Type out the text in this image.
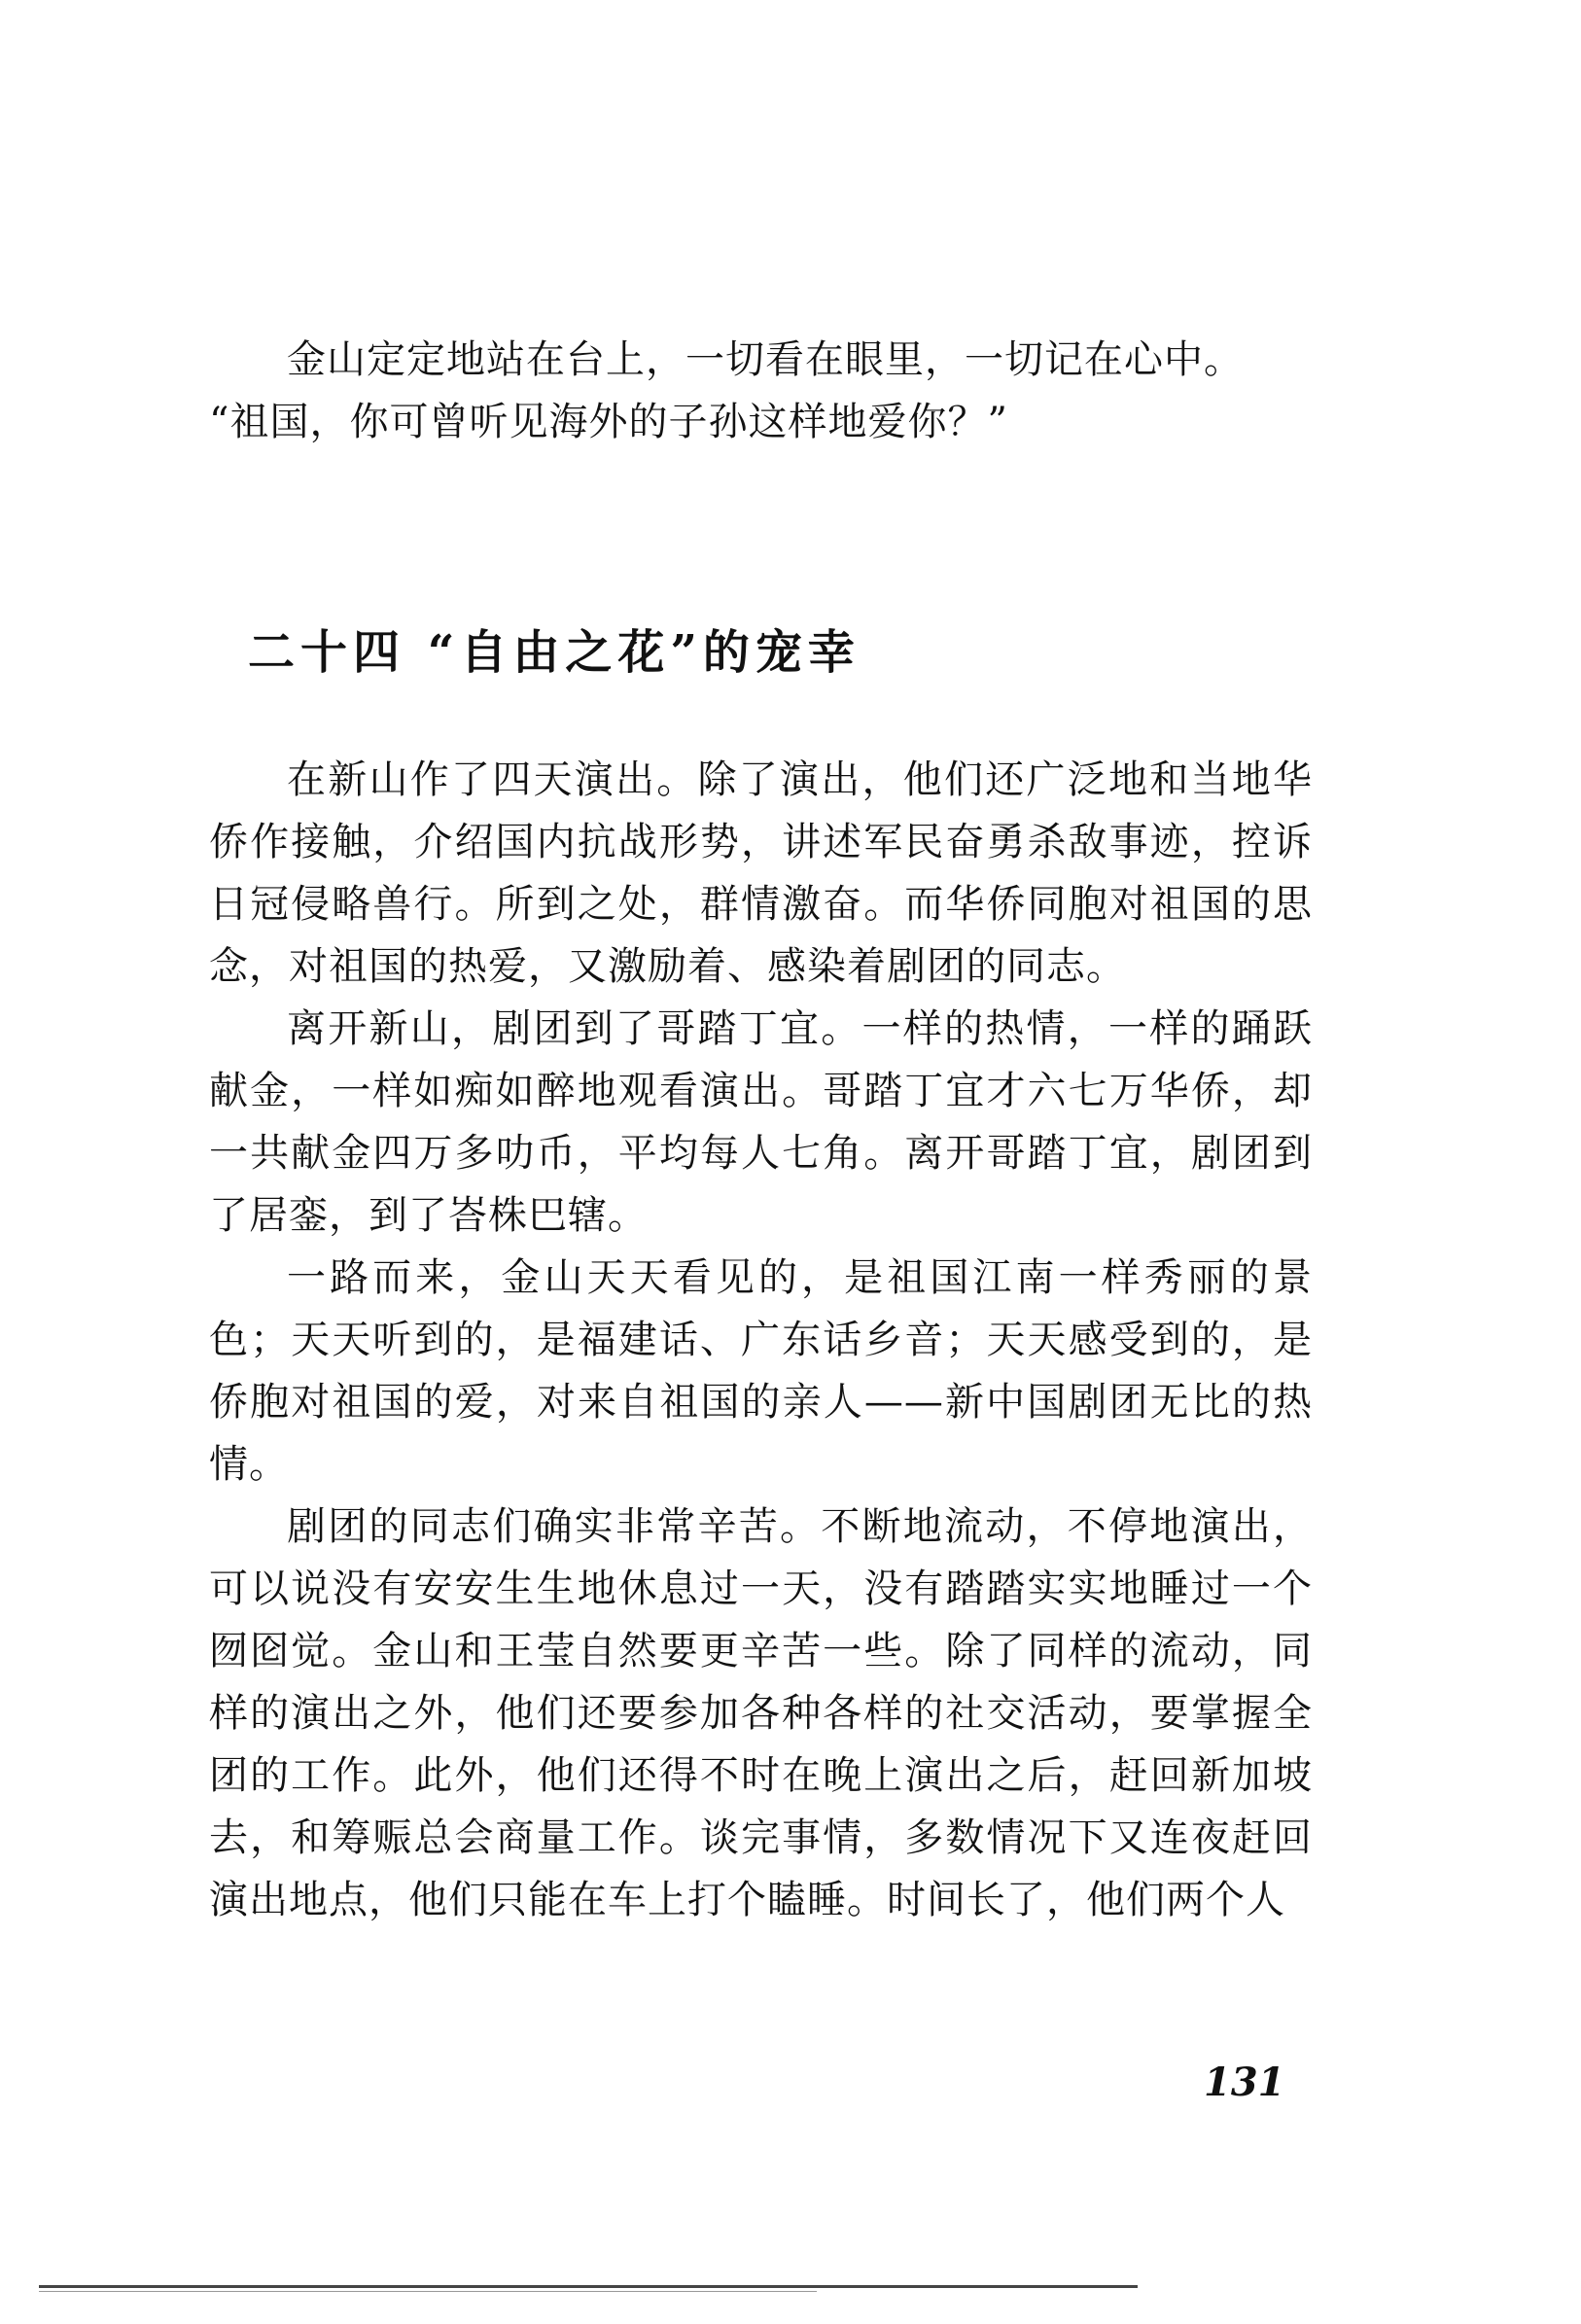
金山定定地站在台上，一切看在眼里，一切记在心中。

“祖国，你可曾听见海外的子孙这样地爱你？”

二十四 “自由之花”的宠幸

在新山作了四天演出。除了演出，他们还广泛地和当地华侨作接触，介绍国内抗战形势，讲述军民奋勇杀敌事迹，控诉日冠侵略兽行。所到之处，群情激奋。而华侨同胞对祖国的思念，对祖国的热爱，又激励着、感染着剧团的同志。

离开新山，剧团到了哥踏丁宜。一样的热情，一样的踊跃献金，一样如痴如醉地观看演出。哥踏丁宜才六七万华侨，却一共献金四万多叻币，平均每人七角。离开哥踏丁宜，剧团到了居銮，到了峇株巴辖。

一路而来，金山天天看见的，是祖国江南一样秀丽的景色；天天听到的，是福建话、广东话乡音；天天感受到的，是侨胞对祖国的爱，对来自祖国的亲人——新中国剧团无比的热情。

剧团的同志们确实非常辛苦。不断地流动，不停地演出，可以说没有安安生生地休息过一天，没有踏踏实实地睡过一个囫囵觉。金山和王莹自然要更辛苦一些。除了同样的流动，同样的演出之外，他们还要参加各种各样的社交活动，要掌握全团的工作。此外，他们还得不时在晚上演出之后，赶回新加坡去，和筹赈总会商量工作。谈完事情，多数情况下又连夜赶回演出地点，他们只能在车上打个瞌睡。时间长了，他们两个人

131
